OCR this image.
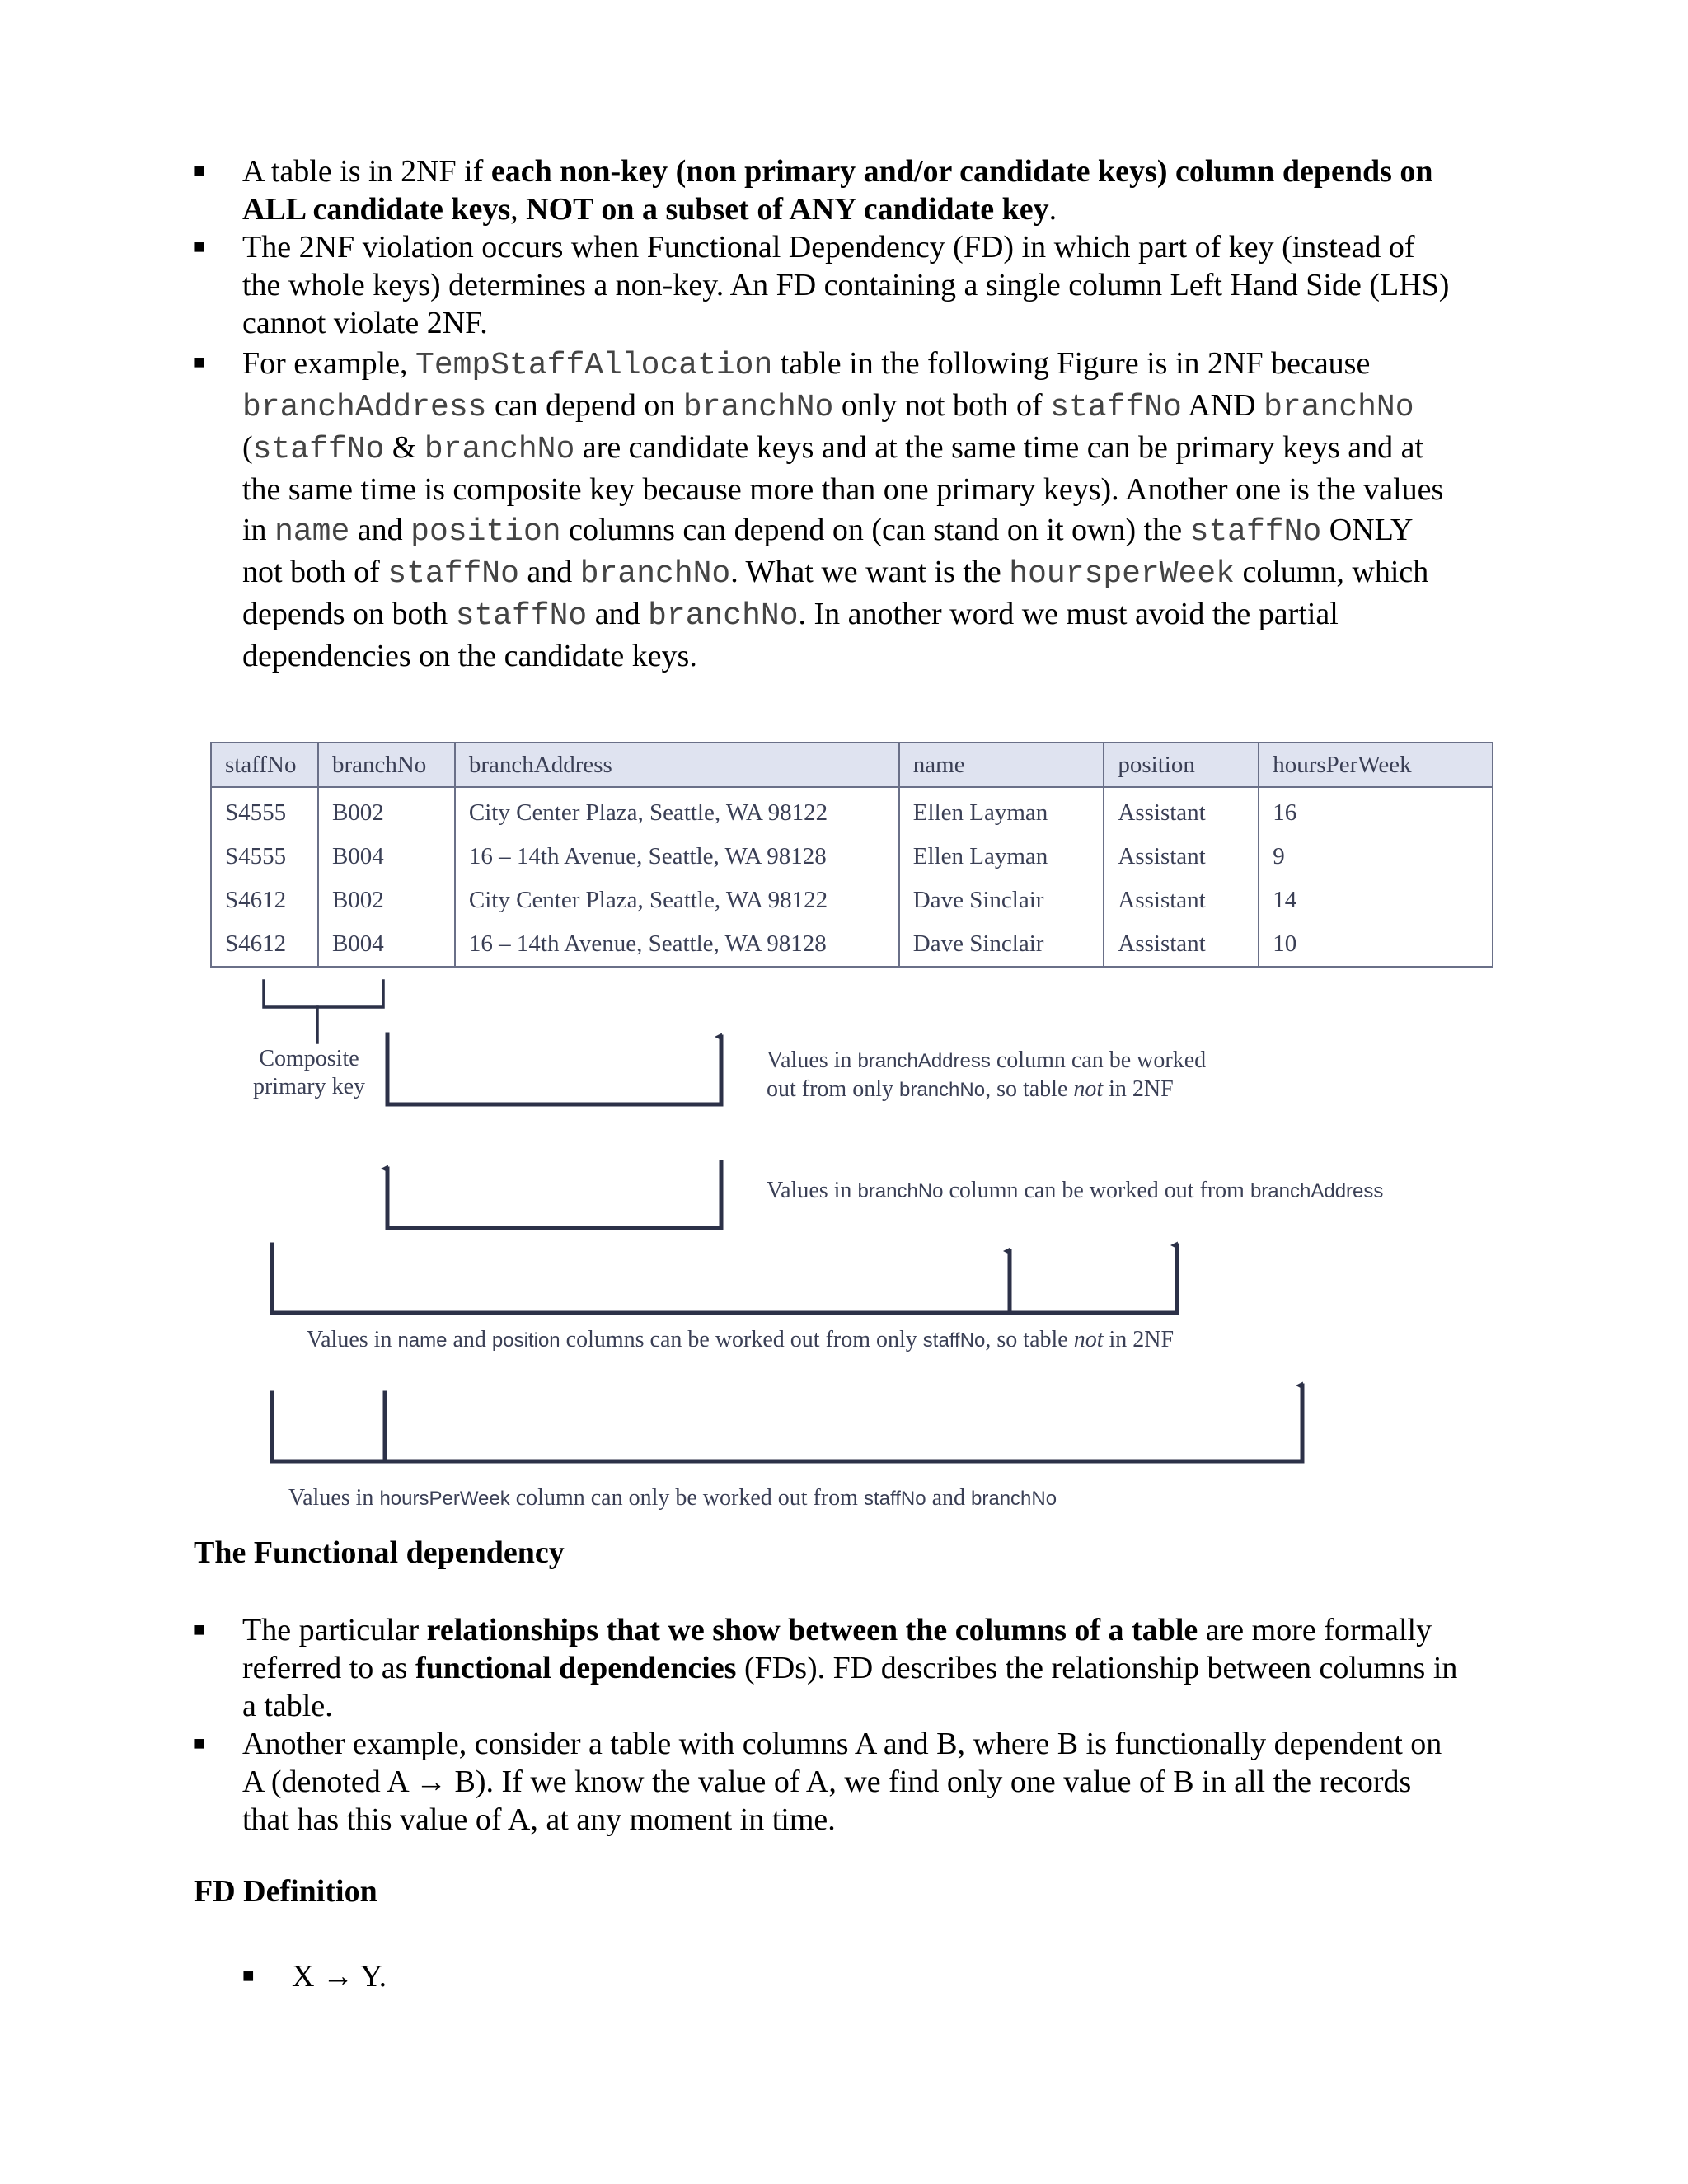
■ A table is in 2NF if each non-key (non primary and/or candidate keys) column depends on
ALL candidate keys, NOT on a subset of ANY candidate key.
■ The 2NF violation occurs when Functional Dependency (FD) in which part of key (instead of
the whole keys) determines a non-key. An FD containing a single column Left Hand Side (LHS)
cannot violate 2NF.
■ For example, TempStaffAllocation table in the following Figure is in 2NF because
branchAddress can depend on branchNo only not both of staffNo AND branchNo
(staffNo & branchNo are candidate keys and at the same time can be primary keys and at
the same time is composite key because more than one primary keys). Another one is the values
in name and position columns can depend on (can stand on it own) the staffNo ONLY
not both of staffNo and branchNo. What we want is the hoursperWeek column, which
depends on both staffNo and branchNo. In another word we must avoid the partial
dependencies on the candidate keys.
staffNo	branchNo	branchAddress	name	position	hoursPerWeek
S4555	B002	City Center Plaza, Seattle, WA 98122	Ellen Layman	Assistant	16
S4555	B004	16 – 14th Avenue, Seattle, WA 98128	Ellen Layman	Assistant	9
S4612	B002	City Center Plaza, Seattle, WA 98122	Dave Sinclair	Assistant	14
S4612	B004	16 – 14th Avenue, Seattle, WA 98128	Dave Sinclair	Assistant	10
Composite
primary key
Values in branchAddress column can be worked
out from only branchNo, so table not in 2NF
Values in branchNo column can be worked out from branchAddress
Values in name and position columns can be worked out from only staffNo, so table not in 2NF
Values in hoursPerWeek column can only be worked out from staffNo and branchNo
The Functional dependency
■ The particular relationships that we show between the columns of a table are more formally
referred to as functional dependencies (FDs). FD describes the relationship between columns in
a table.
■ Another example, consider a table with columns A and B, where B is functionally dependent on
A (denoted A → B). If we know the value of A, we find only one value of B in all the records
that has this value of A, at any moment in time.
FD Definition
■ X → Y.
